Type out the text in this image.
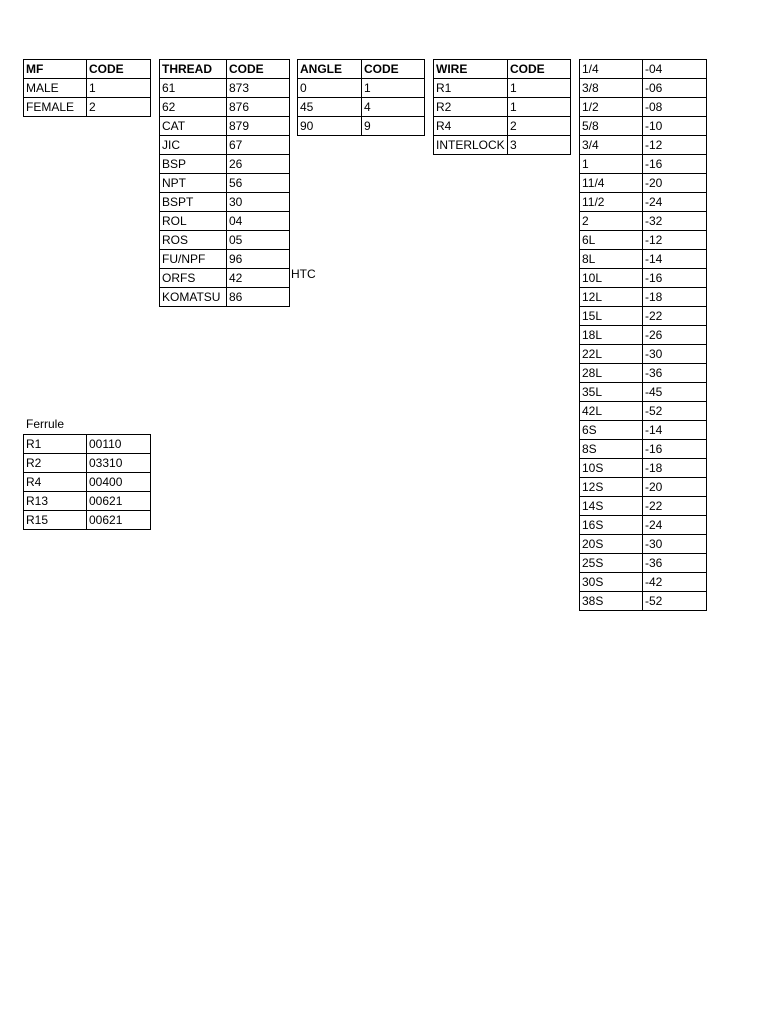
MF	CODE
MALE	1
FEMALE	2
THREAD	CODE
61	873
62	876
CAT	879
JIC	67
BSP	26
NPT	56
BSPT	30
ROL	04
ROS	05
FU/NPF	96
ORFS	42
KOMATSU	86
ANGLE	CODE
0	1
45	4
90	9
WIRE	CODE
R1	1
R2	1
R4	2
INTERLOCK	3
1/4	-04
3/8	-06
1/2	-08
5/8	-10
3/4	-12
1	-16
11/4	-20
11/2	-24
2	-32
6L	-12
8L	-14
10L	-16
12L	-18
15L	-22
18L	-26
22L	-30
28L	-36
35L	-45
42L	-52
6S	-14
8S	-16
10S	-18
12S	-20
14S	-22
16S	-24
20S	-30
25S	-36
30S	-42
38S	-52
HTC
Ferrule
R1	00110
R2	03310
R4	00400
R13	00621
R15	00621
